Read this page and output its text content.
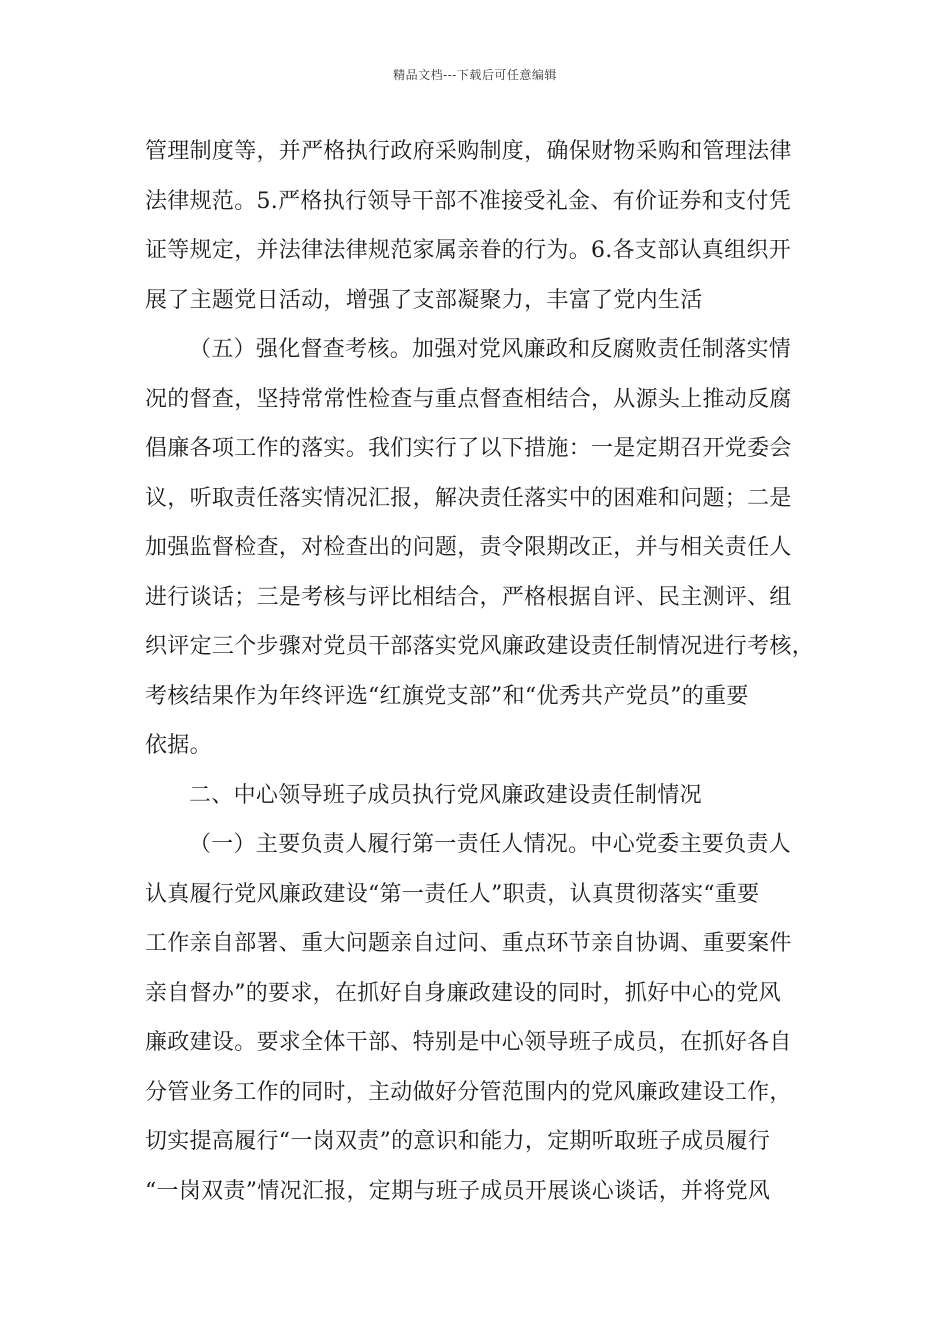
精品文档---下载后可任意编辑
管理制度等，并严格执行政府采购制度，确保财物采购和管理法律
法律规范。5.严格执行领导干部不准接受礼金、有价证券和支付凭
证等规定，并法律法律规范家属亲眷的行为。6.各支部认真组织开
展了主题党日活动，增强了支部凝聚力，丰富了党内生活
（五）强化督查考核。加强对党风廉政和反腐败责任制落实情
况的督查，坚持常常性检查与重点督查相结合，从源头上推动反腐
倡廉各项工作的落实。我们实行了以下措施：一是定期召开党委会
议，听取责任落实情况汇报，解决责任落实中的困难和问题；二是
加强监督检查，对检查出的问题，责令限期改正，并与相关责任人
进行谈话；三是考核与评比相结合，严格根据自评、民主测评、组
织评定三个步骤对党员干部落实党风廉政建设责任制情况进行考核，
考核结果作为年终评选“红旗党支部”和“优秀共产党员”的重要
依据。
二、中心领导班子成员执行党风廉政建设责任制情况
（一）主要负责人履行第一责任人情况。中心党委主要负责人
认真履行党风廉政建设“第一责任人”职责，认真贯彻落实“重要
工作亲自部署、重大问题亲自过问、重点环节亲自协调、重要案件
亲自督办”的要求，在抓好自身廉政建设的同时，抓好中心的党风
廉政建设。要求全体干部、特别是中心领导班子成员，在抓好各自
分管业务工作的同时，主动做好分管范围内的党风廉政建设工作，
切实提高履行“一岗双责”的意识和能力，定期听取班子成员履行
“一岗双责”情况汇报，定期与班子成员开展谈心谈话，并将党风
